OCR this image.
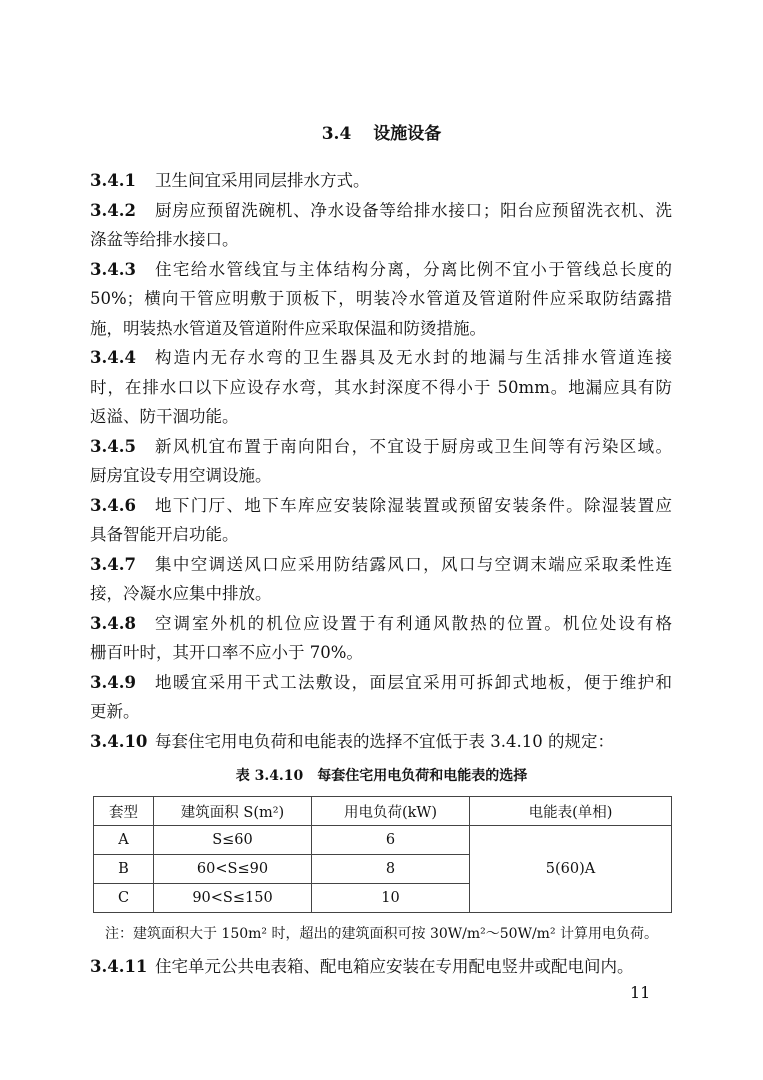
3.4 设施设备
3.4.1 卫生间宜采用同层排水方式。
3.4.2 厨房应预留洗碗机、净水设备等给排水接口；阳台应预留洗衣机、洗
涤盆等给排水接口。
3.4.3 住宅给水管线宜与主体结构分离，分离比例不宜小于管线总长度的
50%；横向干管应明敷于顶板下，明装冷水管道及管道附件应采取防结露措
施，明装热水管道及管道附件应采取保温和防烫措施。
3.4.4 构造内无存水弯的卫生器具及无水封的地漏与生活排水管道连接
时，在排水口以下应设存水弯，其水封深度不得小于 50mm。地漏应具有防
返溢、防干涸功能。
3.4.5 新风机宜布置于南向阳台，不宜设于厨房或卫生间等有污染区域。
厨房宜设专用空调设施。
3.4.6 地下门厅、地下车库应安装除湿装置或预留安装条件。除湿装置应
具备智能开启功能。
3.4.7 集中空调送风口应采用防结露风口，风口与空调末端应采取柔性连
接，冷凝水应集中排放。
3.4.8 空调室外机的机位应设置于有利通风散热的位置。机位处设有格
栅百叶时，其开口率不应小于 70%。
3.4.9 地暖宜采用干式工法敷设，面层宜采用可拆卸式地板，便于维护和
更新。
3.4.10 每套住宅用电负荷和电能表的选择不宜低于表 3.4.10 的规定：
表 3.4.10　每套住宅用电负荷和电能表的选择
套型	建筑面积 S(m²)	用电负荷(kW)	电能表(单相)
A	S≤60	6	5(60)A
B	60<S≤90	8	
C	90<S≤150	10	
注：建筑面积大于 150m² 时，超出的建筑面积可按 30W/m²～50W/m² 计算用电负荷。
3.4.11 住宅单元公共电表箱、配电箱应安装在专用配电竖井或配电间内。
11
